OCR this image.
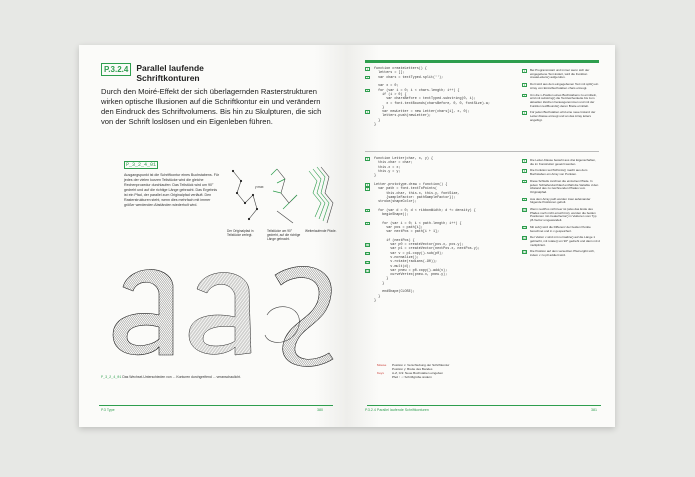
P.3.2.4 Parallel laufende Schriftkonturen
Durch den Moiré-Effekt der sich überlagernden Rasterstrukturen wirken optische Illusionen auf die Schriftkontur ein und verändern den Eindruck des Schriftvolumens. Bis hin zu Skulpturen, die sich von der Schrift loslösen und ein Eigenleben führen.
P_3_2_4_01
Ausgangspunkt ist die Schriftkontur eines Buchstabens. Für jedes der vielen kurzen Teilstücke wird die gleiche Rechenprozedur durchlaufen: Das Teilstück wird um 90° gedreht und auf die richtige Länge gebracht. Das Ergebnis ist ein Pfad, der parallel zum Originalpfad verläuft. Den Rasterstrukturen steht, wenn dies mehrfach mit immer größer werdenden Abständen wiederholt wird.
y max
Der Originalpfad in Teilstücke zerlegt.
Teilstücke um 90° gedreht, auf die richtige Länge gebracht.
Weiterlaufende Pfade.
P_3_2_4_01 Das Wechsel-Unterschieden von ... Konturen durchgreifend ... veranschaulicht.
P.3 Type	380
1	function createLetters() {
letters = [];
2	var chars = textTyped.split('');
var x = 0;
3	for (var i = 0; i < chars.length; i++) {
if (i > 0) {
var charsBefore = textTyped.substring(0, i);
x = font.textBounds(charsBefore, 0, 0, fontSize).w;
}
4	var newLetter = new Letter(chars[i], x, 0);
letters.push(newLetter);
}
}
5	function Letter(char, x, y) {
this.char = char;
this.x = x;
this.y = y;
}
6	Letter.prototype.draw = function() {
7	var path = font.textToPoints(
this.char, this.x, this.y, fontSize,
{sampleFactor: pathSampleFactor});
stroke(shapeColor);
8	for (var d = 0; d < ribbonWidth; d += density) {
beginShape();
9	for (var i = 0; i < path.length; i++) {
var pos = path[i];
var nextPos = path[i + 1];
if (nextPos) {
10	var p0 = createVector(pos.x, pos.y);
var p1 = createVector(nextPos.x, nextPos.y);
11	var v = p1.copy().sub(p0);
v.normalize();
12	v.rotate(radians(-90));
v.mult(d);
13	var pneu = p0.copy().add(v);
curveVertex(pneu.x, pneu.y);
}
}
endShape(CLOSE);
}
}
1	Bei Programmstart und immer wenn sich der eingegebene Text ändert, wird die Funktion createLetters() aufgerufen.
2	Dort wird aus dem eingegebenen Text mit split() ein Array von Einzelbuchstaben chars erzeugt.
3	Um die x-Position eines Buchstabens zu ermitteln, wird mit substring() die Textzeichenkette bis zum aktuellen Zeichen herausgenommen und mit der Funktion textBounds() deren Breite ermittelt.
4	Für jeden Buchstaben wird eine neue Instanz der Letter-Klasse erzeugt und an das Array letters angefügt.
5	Die Letter-Klasse besteht aus drei Eigenschaften, die im Konstruktor gesetzt werden.
6	Die Funktion textToPoints() macht aus dem Buchstaben ein Array von Punkten.
7	Diese Schleife zeichnet die einzelnen Pfade. In jedem Schleifendurchlauf enthält die Variable d den Abstand des zu zeichnenden Pfades vom Originalpfad.
9	Aus dem Array path werden zwei aufeinander folgende Positionen geholt.
10	Wenn nextPos nicht leer ist (also das Ende des Pfades noch nicht erreicht ist), werden die beiden Positionen mit createVector() in Vektoren vom Typ p5.Vector umgewandelt.
11	Mit sub() wird die Differenz der beiden Punkte berechnet und in v gespeichert.
12	Der Vektor v wird mit normalize() auf die Länge 1 gebracht, mit rotate() um 90° gedreht und dann mit d multipliziert.
13	Die Position auf dem versetzten Pfad ergibt sich, indem v zu p0 addiert wird.
Mouse Position x: Verschiebung der Schriftkontur
Position y: Breite des Bandes
Keys	A-Z, 0-9: Neue Buchstaben eingeben
Pfeil ↑ ↓: Schriftgröße ändern
P.3.2.4 Parallel laufende Schriftkonturen	381
